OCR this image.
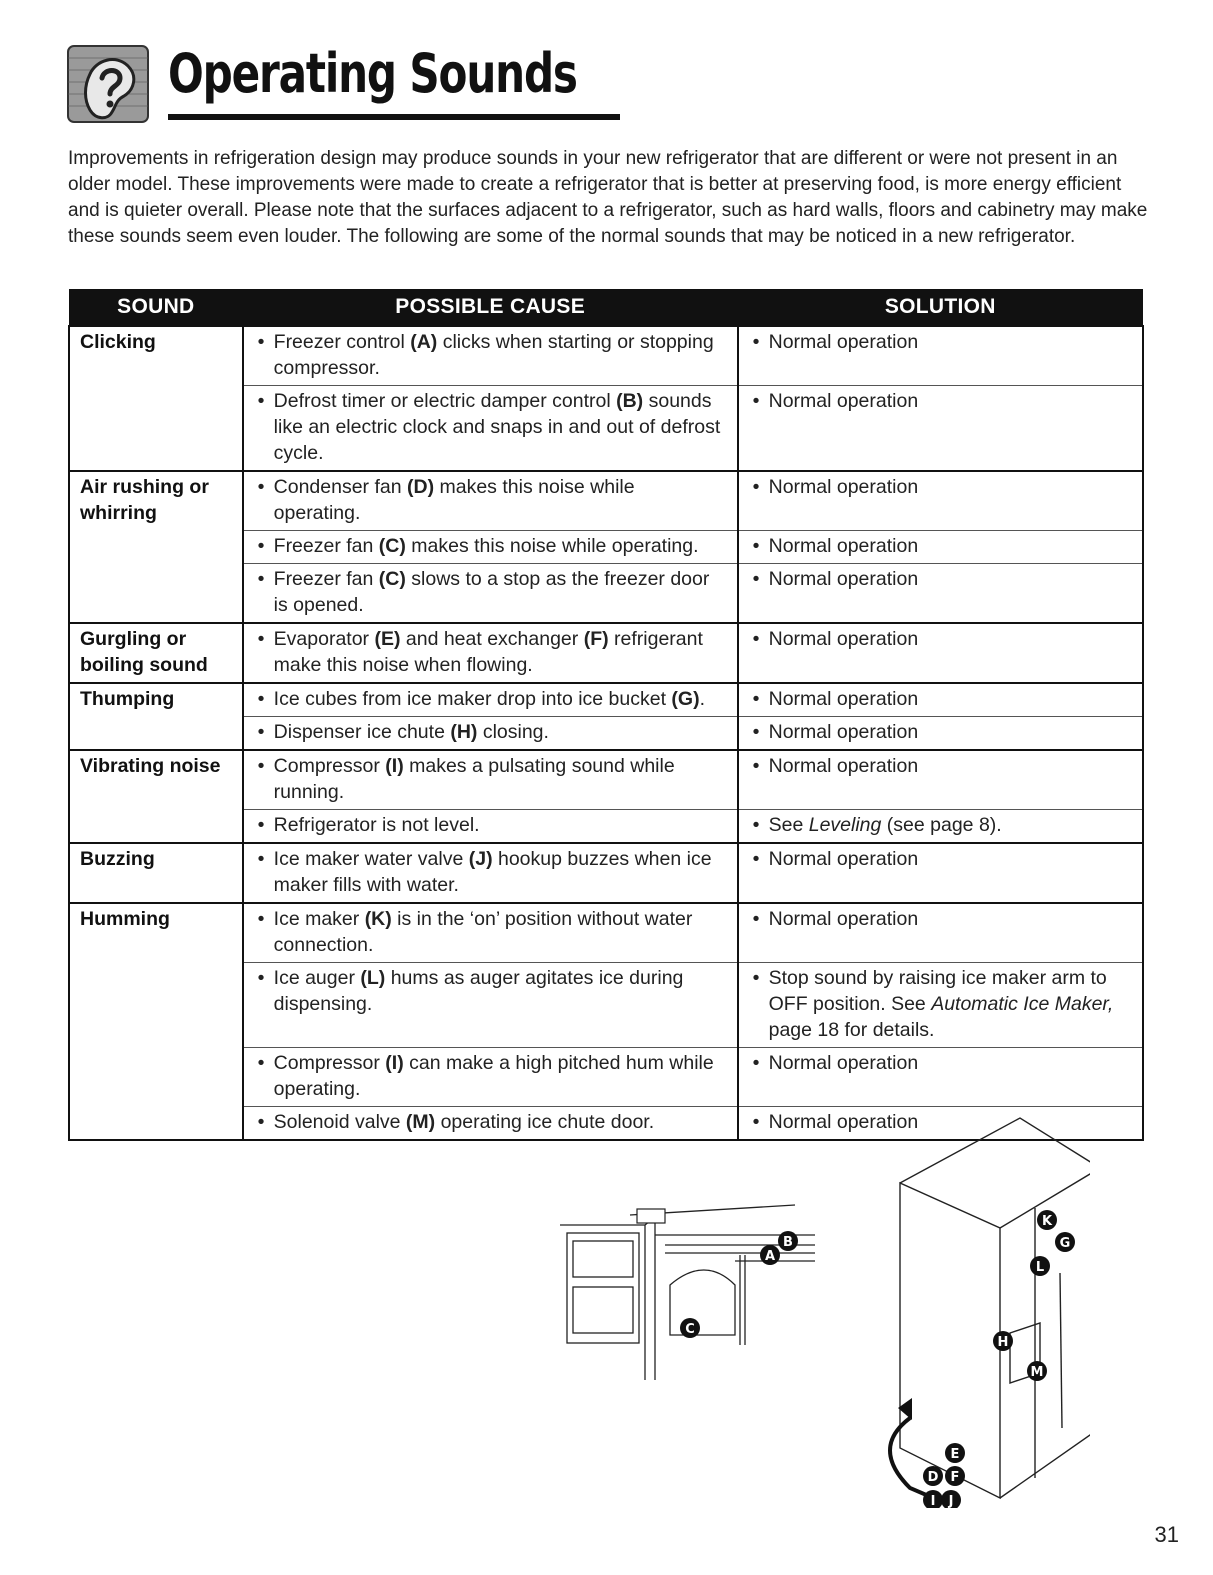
Operating Sounds

Improvements in refrigeration design may produce sounds in your new refrigerator that are different or were not present in an older model. These improvements were made to create a refrigerator that is better at preserving food, is more energy efficient and is quieter overall. Please note that the surfaces adjacent to a refrigerator, such as hard walls, floors and cabinetry may make these sounds seem even louder. The following are some of the normal sounds that may be noticed in a new refrigerator.

SOUND	POSSIBLE CAUSE	SOLUTION
Clicking	• Freezer control (A) clicks when starting or stopping compressor.	• Normal operation

	• Defrost timer or electric damper control (B) sounds like an electric clock and snaps in and out of defrost cycle.	• Normal operation

Air rushing or whirring	• Condenser fan (D) makes this noise while operating.	• Normal operation

	• Freezer fan (C) makes this noise while operating.	• Normal operation

	• Freezer fan (C) slows to a stop as the freezer door is opened.	• Normal operation

Gurgling or boiling sound	• Evaporator (E) and heat exchanger (F) refrigerant make this noise when flowing.	• Normal operation

Thumping	• Ice cubes from ice maker drop into ice bucket (G).	• Normal operation

	• Dispenser ice chute (H) closing.	• Normal operation

Vibrating noise	• Compressor (I) makes a pulsating sound while running.	• Normal operation

	• Refrigerator is not level.	• See Leveling (see page 8).

Buzzing	• Ice maker water valve (J) hookup buzzes when ice maker fills with water.	• Normal operation

Humming	• Ice maker (K) is in the ‘on’ position without water connection.	• Normal operation

	• Ice auger (L) hums as auger agitates ice during dispensing.	• Stop sound by raising ice maker arm to OFF position. See Automatic Ice Maker, page 18 for details.

	• Compressor (I) can make a high pitched hum while operating.	• Normal operation

	• Solenoid valve (M) operating ice chute door.	• Normal operation
A
B
C
K
G
L
H
M
E
D F
I J
31
